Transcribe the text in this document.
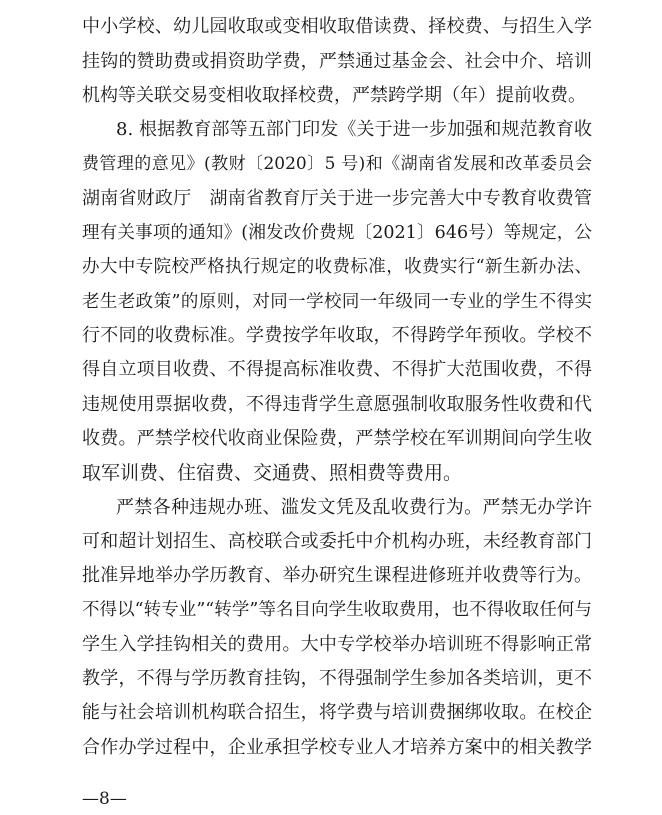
中小学校、幼儿园收取或变相收取借读费、择校费、与招生入学
挂钩的赞助费或捐资助学费，严禁通过基金会、社会中介、培训
机构等关联交易变相收取择校费，严禁跨学期（年）提前收费。
8. 根据教育部等五部门印发《关于进一步加强和规范教育收
费管理的意见》(教财〔2020〕5 号)和《湖南省发展和改革委员会
湖南省财政厅　湖南省教育厅关于进一步完善大中专教育收费管
理有关事项的通知》(湘发改价费规〔2021〕646号）等规定，公
办大中专院校严格执行规定的收费标准，收费实行“新生新办法、
老生老政策”的原则，对同一学校同一年级同一专业的学生不得实
行不同的收费标准。学费按学年收取，不得跨学年预收。学校不
得自立项目收费、不得提高标准收费、不得扩大范围收费，不得
违规使用票据收费，不得违背学生意愿强制收取服务性收费和代
收费。严禁学校代收商业保险费，严禁学校在军训期间向学生收
取军训费、住宿费、交通费、照相费等费用。
严禁各种违规办班、滥发文凭及乱收费行为。严禁无办学许
可和超计划招生、高校联合或委托中介机构办班，未经教育部门
批准异地举办学历教育、举办研究生课程进修班并收费等行为。
不得以“转专业”“转学”等名目向学生收取费用，也不得收取任何与
学生入学挂钩相关的费用。大中专学校举办培训班不得影响正常
教学，不得与学历教育挂钩，不得强制学生参加各类培训，更不
能与社会培训机构联合招生，将学费与培训费捆绑收取。在校企
合作办学过程中，企业承担学校专业人才培养方案中的相关教学
—8—
